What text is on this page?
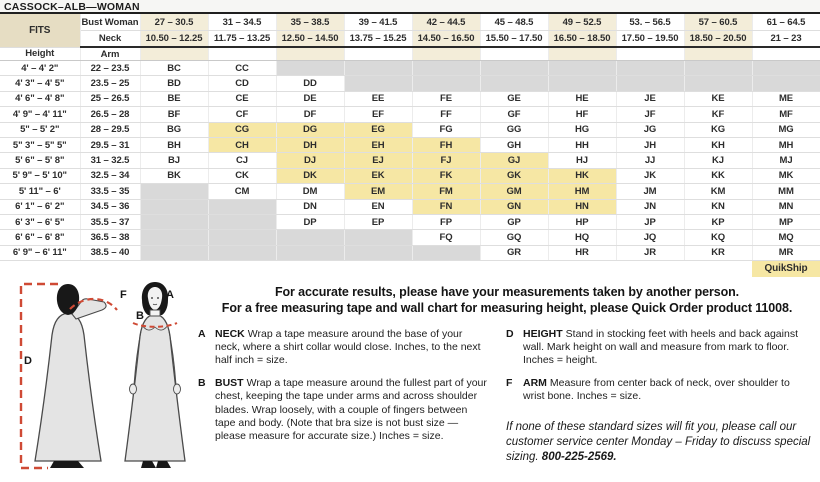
CASSOCK–ALB—WOMAN
FITS	Bust Woman	27 – 30.5	31 – 34.5	35 – 38.5	39 – 41.5	42 – 44.5	45 – 48.5	49 – 52.5	53. – 56.5	57 – 60.5	61 – 64.5
	Neck	10.50 – 12.25	11.75 – 13.25	12.50 – 14.50	13.75 – 15.25	14.50 – 16.50	15.50 – 17.50	16.50 – 18.50	17.50 – 19.50	18.50 – 20.50	21 – 23
Height	Arm										
4' – 4' 2"	22 – 23.5	BC	CC								
4' 3" – 4' 5"	23.5 – 25	BD	CD	DD							
4' 6" – 4' 8"	25 – 26.5	BE	CE	DE	EE	FE	GE	HE	JE	KE	ME
4' 9" – 4' 11"	26.5 – 28	BF	CF	DF	EF	FF	GF	HF	JF	KF	MF
5" – 5' 2"	28 – 29.5	BG	CG	DG	EG	FG	GG	HG	JG	KG	MG
5" 3" – 5" 5"	29.5 – 31	BH	CH	DH	EH	FH	GH	HH	JH	KH	MH
5' 6" – 5' 8"	31 – 32.5	BJ	CJ	DJ	EJ	FJ	GJ	HJ	JJ	KJ	MJ
5' 9" – 5' 10"	32.5 – 34	BK	CK	DK	EK	FK	GK	HK	JK	KK	MK
5' 11" – 6'	33.5 – 35		CM	DM	EM	FM	GM	HM	JM	KM	MM
6' 1" – 6' 2"	34.5 – 36			DN	EN	FN	GN	HN	JN	KN	MN
6' 3" – 6' 5"	35.5 – 37			DP	EP	FP	GP	HP	JP	KP	MP
6' 6" – 6' 8"	36.5 – 38					FQ	GQ	HQ	JQ	KQ	MQ
6' 9" – 6' 11"	38.5 – 40						GR	HR	JR	KR	MR
											QuikShip
D
F	A
B
For accurate results, please have your measurements taken by another person.
For a free measuring tape and wall chart for measuring height, please Quick Order product 11008.
A NECK Wrap a tape measure around the base of your neck, where a shirt collar would close. Inches, to the next half inch = size.
B BUST Wrap a tape measure around the fullest part of your chest, keeping the tape under arms and across shoulder blades. Wrap loosely, with a couple of fingers between tape and body. (Note that bra size is not bust size — please measure for accurate size.) Inches = size.
D HEIGHT Stand in stocking feet with heels and back against wall. Mark height on wall and measure from mark to floor. Inches = height.
F	ARM Measure from center back of neck, over shoulder to wrist bone. Inches = size.
If none of these standard sizes will fit you, please call our customer service center Monday – Friday to discuss special sizing. 800-225-2569.
